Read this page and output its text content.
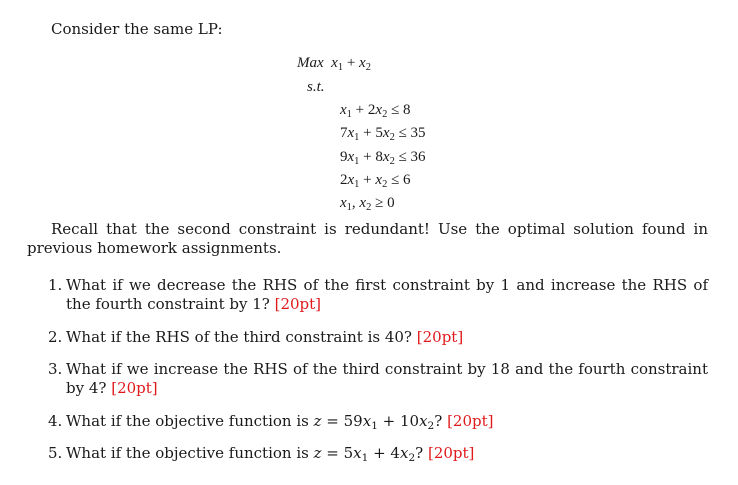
Consider the same LP:
Max $x_1 + x_2$
s.t.
$x_1 + 2x_2 \le 8$
$7x_1 + 5x_2 \le 35$
$9x_1 + 8x_2 \le 36$
$2x_1 + x_2 \le 6$
$x_1$, $x_2 \ge 0$
Recall that the second constraint is redundant! Use the optimal solution found in previous homework assignments.
1. What if we decrease the RHS of the first constraint by 1 and increase the RHS of the fourth constraint by 1? [20pt]
2. What if the RHS of the third constraint is 40? [20pt]
3. What if we increase the RHS of the third constraint by 18 and the fourth constraint by 4? [20pt]
4. What if the objective function is $z = 59x_1 + 10x_2$? [20pt]
5. What if the objective function is $z = 5x_1 + 4x_2$? [20pt]
